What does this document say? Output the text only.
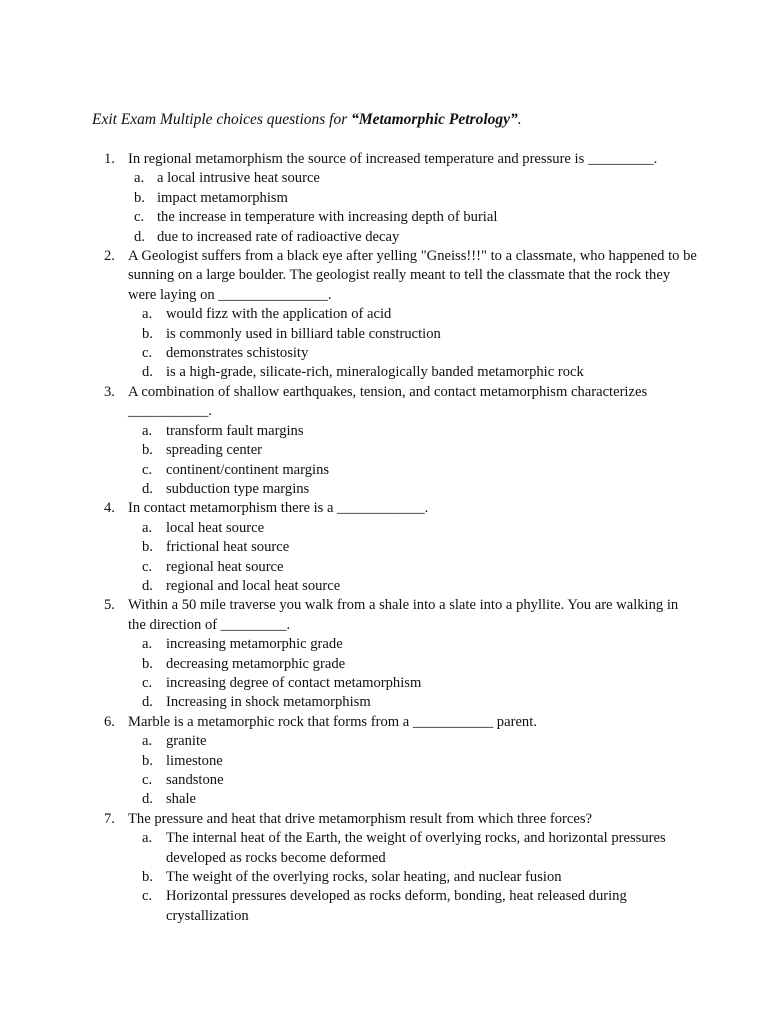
Exit Exam Multiple choices questions for “Metamorphic Petrology”.
1. In regional metamorphism the source of increased temperature and pressure is _________.
a. a local intrusive heat source
b. impact metamorphism
c. the increase in temperature with increasing depth of burial
d. due to increased rate of radioactive decay
2. A Geologist suffers from a black eye after yelling "Gneiss!!!" to a classmate, who happened to be sunning on a large boulder. The geologist really meant to tell the classmate that the rock they were laying on _______________.
a. would fizz with the application of acid
b. is commonly used in billiard table construction
c. demonstrates schistosity
d. is a high-grade, silicate-rich, mineralogically banded metamorphic rock
3. A combination of shallow earthquakes, tension, and contact metamorphism characterizes ___________.
a. transform fault margins
b. spreading center
c. continent/continent margins
d. subduction type margins
4. In contact metamorphism there is a ____________.
a. local heat source
b. frictional heat source
c. regional heat source
d. regional and local heat source
5. Within a 50 mile traverse you walk from a shale into a slate into a phyllite. You are walking in the direction of _________.
a. increasing metamorphic grade
b. decreasing metamorphic grade
c. increasing degree of contact metamorphism
d. Increasing in shock metamorphism
6. Marble is a metamorphic rock that forms from a ___________ parent.
a. granite
b. limestone
c. sandstone
d. shale
7. The pressure and heat that drive metamorphism result from which three forces?
a. The internal heat of the Earth, the weight of overlying rocks, and horizontal pressures developed as rocks become deformed
b. The weight of the overlying rocks, solar heating, and nuclear fusion
c. Horizontal pressures developed as rocks deform, bonding, heat released during crystallization
